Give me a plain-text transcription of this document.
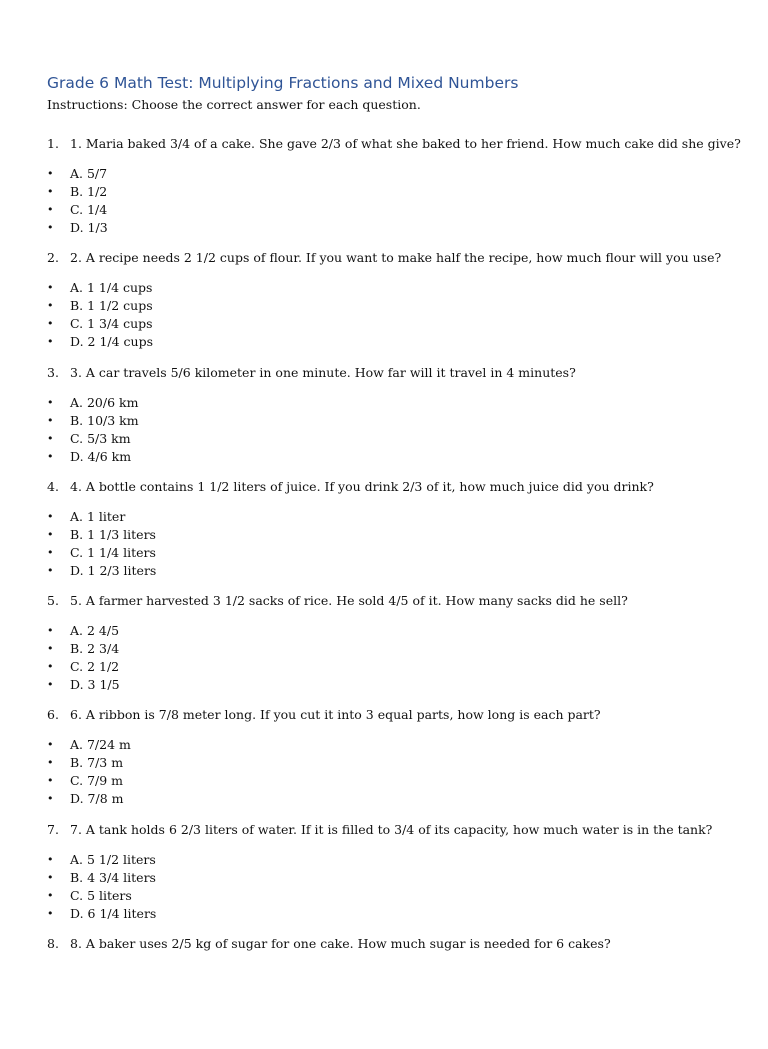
Grade 6 Math Test: Multiplying Fractions and Mixed Numbers

Instructions: Choose the correct answer for each question.

1. 1. Maria baked 3/4 of a cake. She gave 2/3 of what she baked to her friend. How much cake did she give?
• A. 5/7
• B. 1/2
• C. 1/4
• D. 1/3
2. 2. A recipe needs 2 1/2 cups of flour. If you want to make half the recipe, how much flour will you use?
• A. 1 1/4 cups
• B. 1 1/2 cups
• C. 1 3/4 cups
• D. 2 1/4 cups
3. 3. A car travels 5/6 kilometer in one minute. How far will it travel in 4 minutes?
• A. 20/6 km
• B. 10/3 km
• C. 5/3 km
• D. 4/6 km
4. 4. A bottle contains 1 1/2 liters of juice. If you drink 2/3 of it, how much juice did you drink?
• A. 1 liter
• B. 1 1/3 liters
• C. 1 1/4 liters
• D. 1 2/3 liters
5. 5. A farmer harvested 3 1/2 sacks of rice. He sold 4/5 of it. How many sacks did he sell?
• A. 2 4/5
• B. 2 3/4
• C. 2 1/2
• D. 3 1/5
6. 6. A ribbon is 7/8 meter long. If you cut it into 3 equal parts, how long is each part?
• A. 7/24 m
• B. 7/3 m
• C. 7/9 m
• D. 7/8 m
7. 7. A tank holds 6 2/3 liters of water. If it is filled to 3/4 of its capacity, how much water is in the tank?
• A. 5 1/2 liters
• B. 4 3/4 liters
• C. 5 liters
• D. 6 1/4 liters
8. 8. A baker uses 2/5 kg of sugar for one cake. How much sugar is needed for 6 cakes?
